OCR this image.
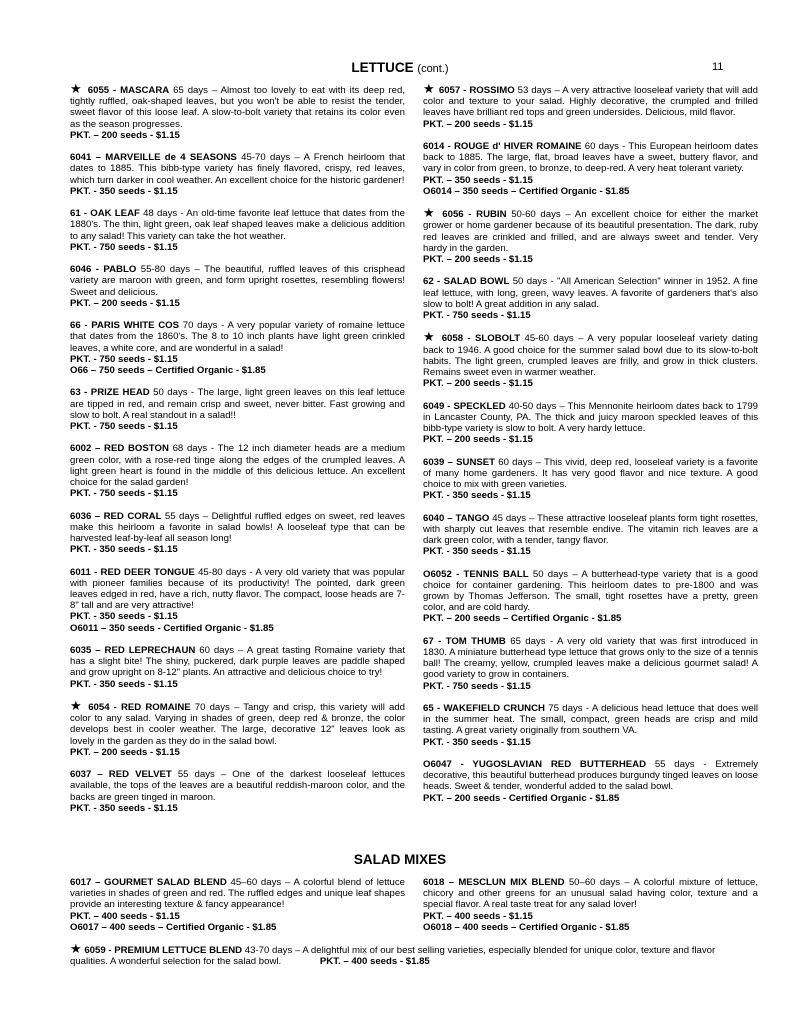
LETTUCE (cont.)	11
★ 6055 - MASCARA 65 days – Almost too lovely to eat with its deep red, tightly ruffled, oak-shaped leaves, but you won't be able to resist the tender, sweet flavor of this loose leaf. A slow-to-bolt variety that retains its color even as the season progresses.
PKT. – 200 seeds - $1.15
6041 – MARVEILLE de 4 SEASONS 45-70 days – A French heirloom that dates to 1885. This bibb-type variety has finely flavored, crispy, red leaves, which turn darker in cool weather. An excellent choice for the historic gardener!
PKT. - 350 seeds - $1.15
61 - OAK LEAF 48 days - An old-time favorite leaf lettuce that dates from the 1880's. The thin, light green, oak leaf shaped leaves make a delicious addition to any salad! This variety can take the hot weather.
PKT. - 750 seeds - $1.15
6046 - PABLO 55-80 days – The beautiful, ruffled leaves of this crisphead variety are maroon with green, and form upright rosettes, resembling flowers! Sweet and delicious.
PKT. – 200 seeds - $1.15
66 - PARIS WHITE COS 70 days - A very popular variety of romaine lettuce that dates from the 1860's. The 8 to 10 inch plants have light green crinkled leaves, a white core, and are wonderful in a salad!
PKT. - 750 seeds - $1.15
O66 – 750 seeds – Certified Organic - $1.85
63 - PRIZE HEAD 50 days - The large, light green leaves on this leaf lettuce are tipped in red, and remain crisp and sweet, never bitter. Fast growing and slow to bolt. A real standout in a salad!!
PKT. - 750 seeds - $1.15
6002 – RED BOSTON 68 days - The 12 inch diameter heads are a medium green color, with a rose-red tinge along the edges of the crumpled leaves. A light green heart is found in the middle of this delicious lettuce. An excellent choice for the salad garden!
PKT. - 750 seeds - $1.15
6036 – RED CORAL 55 days – Delightful ruffled edges on sweet, red leaves make this heirloom a favorite in salad bowls! A looseleaf type that can be harvested leaf-by-leaf all season long!
PKT. - 350 seeds - $1.15
6011 - RED DEER TONGUE 45-80 days - A very old variety that was popular with pioneer families because of its productivity! The pointed, dark green leaves edged in red, have a rich, nutty flavor. The compact, loose heads are 7-8" tall and are very attractive!
PKT. - 350 seeds - $1.15
O6011 – 350 seeds - Certified Organic - $1.85
6035 – RED LEPRECHAUN 60 days – A great tasting Romaine variety that has a slight bite! The shiny, puckered, dark purple leaves are paddle shaped and grow upright on 8-12" plants. An attractive and delicious choice to try!
PKT. - 350 seeds - $1.15
★ 6054 - RED ROMAINE 70 days – Tangy and crisp, this variety will add color to any salad. Varying in shades of green, deep red & bronze, the color develops best in cooler weather. The large, decorative 12" leaves look as lovely in the garden as they do in the salad bowl.
PKT. – 200 seeds - $1.15
6037 – RED VELVET 55 days – One of the darkest looseleaf lettuces available, the tops of the leaves are a beautiful reddish-maroon color, and the backs are green tinged in maroon.
PKT. - 350 seeds - $1.15
★ 6057 - ROSSIMO 53 days – A very attractive looseleaf variety that will add color and texture to your salad. Highly decorative, the crumpled and frilled leaves have brilliant red tops and green undersides. Delicious, mild flavor.
PKT. – 200 seeds - $1.15
6014 - ROUGE d' HIVER ROMAINE 60 days - This European heirloom dates back to 1885. The large, flat, broad leaves have a sweet, buttery flavor, and vary in color from green, to bronze, to deep-red. A very heat tolerant variety.
PKT. – 350 seeds - $1.15
O6014 – 350 seeds – Certified Organic - $1.85
★ 6056 - RUBIN 50-60 days – An excellent choice for either the market grower or home gardener because of its beautiful presentation. The dark, ruby red leaves are crinkled and frilled, and are always sweet and tender. Very hardy in the garden.
PKT. – 200 seeds - $1.15
62 - SALAD BOWL 50 days - "All American Selection" winner in 1952. A fine leaf lettuce, with long, green, wavy leaves. A favorite of gardeners that's also slow to bolt! A great addition in any salad.
PKT. - 750 seeds - $1.15
★ 6058 - SLOBOLT 45-60 days – A very popular looseleaf variety dating back to 1946. A good choice for the summer salad bowl due to its slow-to-bolt habits. The light green, crumpled leaves are frilly, and grow in thick clusters. Remains sweet even in warmer weather.
PKT. – 200 seeds - $1.15
6049 - SPECKLED 40-50 days – This Mennonite heirloom dates back to 1799 in Lancaster County, PA. The thick and juicy maroon speckled leaves of this bibb-type variety is slow to bolt. A very hardy lettuce.
PKT. – 200 seeds - $1.15
6039 – SUNSET 60 days – This vivid, deep red, looseleaf variety is a favorite of many home gardeners. It has very good flavor and nice texture. A good choice to mix with green varieties.
PKT. - 350 seeds - $1.15
6040 – TANGO 45 days – These attractive looseleaf plants form tight rosettes, with sharply cut leaves that resemble endive. The vitamin rich leaves are a dark green color, with a tender, tangy flavor.
PKT. - 350 seeds - $1.15
O6052 - TENNIS BALL 50 days – A butterhead-type variety that is a good choice for container gardening. This heirloom dates to pre-1800 and was grown by Thomas Jefferson. The small, tight rosettes have a pretty, green color, and are cold hardy.
PKT. – 200 seeds – Certified Organic - $1.85
67 - TOM THUMB 65 days - A very old variety that was first introduced in 1830. A miniature butterhead type lettuce that grows only to the size of a tennis ball! The creamy, yellow, crumpled leaves make a delicious gourmet salad! A good variety to grow in containers.
PKT. - 750 seeds - $1.15
65 - WAKEFIELD CRUNCH 75 days - A delicious head lettuce that does well in the summer heat. The small, compact, green heads are crisp and mild tasting. A great variety originally from southern VA.
PKT. - 350 seeds - $1.15
O6047 - YUGOSLAVIAN RED BUTTERHEAD 55 days - Extremely decorative, this beautiful butterhead produces burgundy tinged leaves on loose heads. Sweet & tender, wonderful added to the salad bowl.
PKT. – 200 seeds - Certified Organic - $1.85
SALAD MIXES
6017 – GOURMET SALAD BLEND 45–60 days – A colorful blend of lettuce varieties in shades of green and red. The ruffled edges and unique leaf shapes provide an interesting texture & fancy appearance!
PKT. – 400 seeds - $1.15
O6017 – 400 seeds – Certified Organic - $1.85
6018 – MESCLUN MIX BLEND 50–60 days – A colorful mixture of lettuce, chicory and other greens for an unusual salad having color, texture and a special flavor. A real taste treat for any salad lover!
PKT. – 400 seeds - $1.15
O6018 – 400 seeds – Certified Organic - $1.85
★ 6059 - PREMIUM LETTUCE BLEND 43-70 days – A delightful mix of our best selling varieties, especially blended for unique color, texture and flavor qualities. A wonderful selection for the salad bowl.	PKT. – 400 seeds - $1.85
